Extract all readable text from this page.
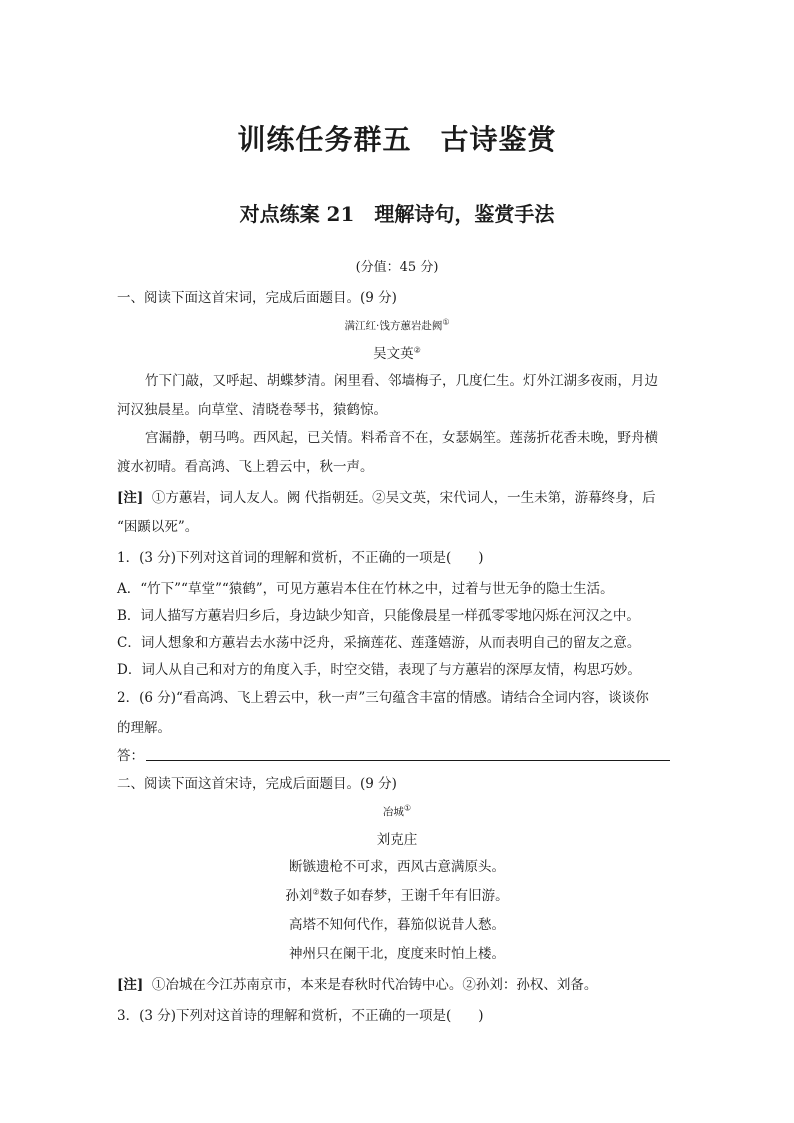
训练任务群五　古诗鉴赏
对点练案 21　理解诗句，鉴赏手法
(分值：45 分)
一、阅读下面这首宋词，完成后面题目。(9 分)
满江红·饯方蕙岩赴阙①
吴文英②
竹下门敲，又呼起、胡蝶梦清。闲里看、邻墙梅子，几度仁生。灯外江湖多夜雨，月边
河汉独晨星。向草堂、清晓卷琴书，猿鹤惊。
宫漏静，朝马鸣。西风起，已关情。料希音不在，女瑟娲笙。莲荡折花香未晚，野舟横
渡水初晴。看高鸿、飞上碧云中，秋一声。
[注] ①方蕙岩，词人友人。阙 代指朝廷。②吴文英，宋代词人，一生未第，游幕终身，后
“困踬以死”。
1．(3 分)下列对这首词的理解和赏析，不正确的一项是(　　)
A．“竹下”“草堂”“猿鹤”，可见方蕙岩本住在竹林之中，过着与世无争的隐士生活。
B．词人描写方蕙岩归乡后，身边缺少知音，只能像晨星一样孤零零地闪烁在河汉之中。
C．词人想象和方蕙岩去水荡中泛舟，采摘莲花、莲蓬嬉游，从而表明自己的留友之意。
D．词人从自己和对方的角度入手，时空交错，表现了与方蕙岩的深厚友情，构思巧妙。
2．(6 分)“看高鸿、飞上碧云中，秋一声”三句蕴含丰富的情感。请结合全词内容，谈谈你
的理解。
答：
二、阅读下面这首宋诗，完成后面题目。(9 分)
冶城①
刘克庄
断镞遗枪不可求，西风古意满原头。
孙刘②数子如春梦，王谢千年有旧游。
高塔不知何代作，暮笳似说昔人愁。
神州只在阑干北，度度来时怕上楼。
[注] ①冶城在今江苏南京市，本来是春秋时代冶铸中心。②孙刘：孙权、刘备。
3．(3 分)下列对这首诗的理解和赏析，不正确的一项是(　　)
